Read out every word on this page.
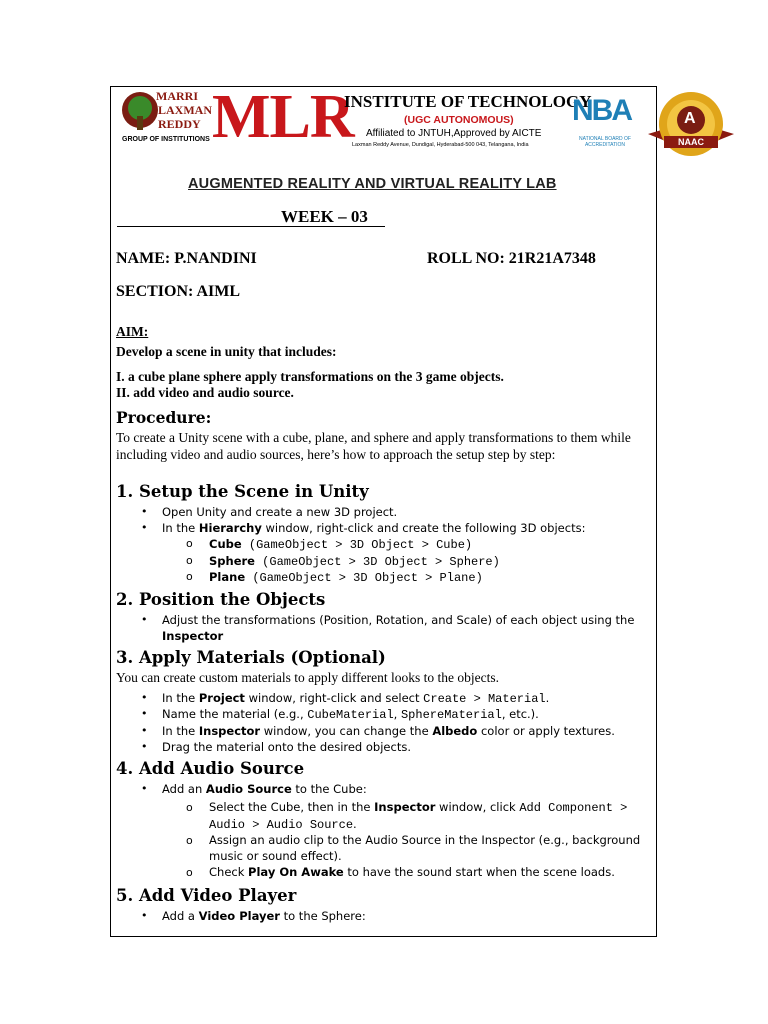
MARRI
LAXMAN
REDDY
GROUP OF INSTITUTIONS MLR
INSTITUTE OF TECHNOLOGY
(UGC AUTONOMOUS)
Affiliated to JNTUH,Approved by AICTE
Laxman Reddy Avenue, Dundigal, Hyderabad-500 043, Telangana, India
NBA
NATIONAL BOARD OF ACCREDITATION
A
NAAC
AUGMENTED REALITY AND VIRTUAL REALITY LAB
WEEK – 03
NAME: P.NANDINI	ROLL NO: 21R21A7348
SECTION: AIML
AIM:
Develop a scene in unity that includes:
I. a cube plane sphere apply transformations on the 3 game objects.
II. add video and audio source.
Procedure:
To create a Unity scene with a cube, plane, and sphere and apply transformations to them while including video and audio sources, here’s how to approach the setup step by step:
1. Setup the Scene in Unity
• Open Unity and create a new 3D project.
• In the Hierarchy window, right-click and create the following 3D objects:
o Cube (GameObject > 3D Object > Cube)
o Sphere (GameObject > 3D Object > Sphere)
o Plane (GameObject > 3D Object > Plane)
2. Position the Objects
• Adjust the transformations (Position, Rotation, and Scale) of each object using the
Inspector
3. Apply Materials (Optional)
You can create custom materials to apply different looks to the objects.
• In the Project window, right-click and select Create > Material.
• Name the material (e.g., CubeMaterial, SphereMaterial, etc.).
• In the Inspector window, you can change the Albedo color or apply textures.
• Drag the material onto the desired objects.
4. Add Audio Source
• Add an Audio Source to the Cube:
o Select the Cube, then in the Inspector window, click Add Component >
Audio > Audio Source.
o Assign an audio clip to the Audio Source in the Inspector (e.g., background
music or sound effect).
o Check Play On Awake to have the sound start when the scene loads.
5. Add Video Player
• Add a Video Player to the Sphere:
